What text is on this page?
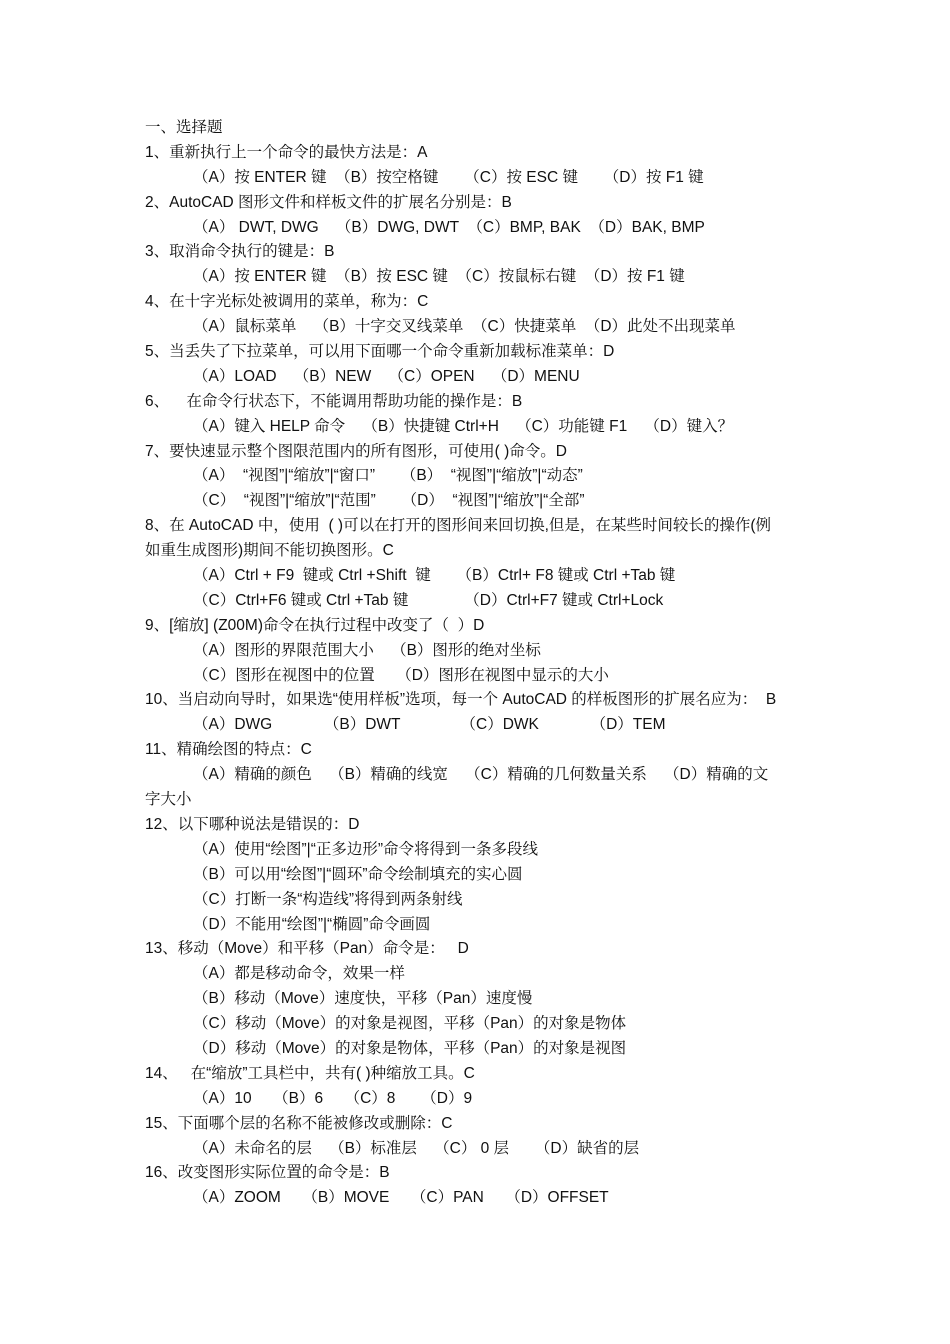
一、选择题
1、重新执行上一个命令的最快方法是：A
（A）按 ENTER 键  （B）按空格键      （C）按 ESC 键      （D）按 F1 键
2、AutoCAD 图形文件和样板文件的扩展名分别是：B
（A） DWT, DWG    （B）DWG, DWT  （C）BMP, BAK  （D）BAK, BMP
3、取消命令执行的键是：B
（A）按 ENTER 键  （B）按 ESC 键  （C）按鼠标右键  （D）按 F1 键
4、在十字光标处被调用的菜单，称为：C
（A）鼠标菜单    （B）十字交叉线菜单  （C）快捷菜单  （D）此处不出现菜单
5、当丢失了下拉菜单，可以用下面哪一个命令重新加载标准菜单：D
（A）LOAD    （B）NEW    （C）OPEN    （D）MENU
6、    在命令行状态下，不能调用帮助功能的操作是：B
（A）键入 HELP 命令    （B）快捷键 Ctrl+H    （C）功能键 F1    （D）键入？
7、要快速显示整个图限范围内的所有图形，可使用( )命令。D
（A）  “视图”|“缩放”|“窗口”      （B）  “视图”|“缩放”|“动态”
（C）  “视图”|“缩放”|“范围”      （D）  “视图”|“缩放”|“全部”
8、在 AutoCAD 中，使用  ( )可以在打开的图形间来回切换,但是，在某些时间较长的操作(例
如重生成图形)期间不能切换图形。C
（A）Ctrl + F9  键或 Ctrl +Shift  键      （B）Ctrl+ F8 键或 Ctrl +Tab 键
（C）Ctrl+F6 键或 Ctrl +Tab 键             （D）Ctrl+F7 键或 Ctrl+Lock
9、[缩放] (Z00M)命令在执行过程中改变了（  ）D
（A）图形的界限范围大小    （B）图形的绝对坐标
（C）图形在视图中的位置     （D）图形在视图中显示的大小
10、当启动向导时，如果选“使用样板”选项，每一个 AutoCAD 的样板图形的扩展名应为：  B
（A）DWG            （B）DWT              （C）DWK            （D）TEM
11、精确绘图的特点：C
（A）精确的颜色    （B）精确的线宽    （C）精确的几何数量关系    （D）精确的文
字大小
12、以下哪种说法是错误的：D
（A）使用“绘图”|“正多边形”命令将得到一条多段线
（B）可以用“绘图”|“圆环”命令绘制填充的实心圆
（C）打断一条“构造线”将得到两条射线
（D）不能用“绘图”|“椭圆”命令画圆
13、移动（Move）和平移（Pan）命令是：   D
（A）都是移动命令，效果一样
（B）移动（Move）速度快，平移（Pan）速度慢
（C）移动（Move）的对象是视图，平移（Pan）的对象是物体
（D）移动（Move）的对象是物体，平移（Pan）的对象是视图
14、   在“缩放”工具栏中，共有( )种缩放工具。C
（A）10     （B）6     （C）8      （D）9
15、下面哪个层的名称不能被修改或删除：C
（A）未命名的层    （B）标准层    （C） 0 层      （D）缺省的层
16、改变图形实际位置的命令是：B
（A）ZOOM     （B）MOVE     （C）PAN     （D）OFFSET
